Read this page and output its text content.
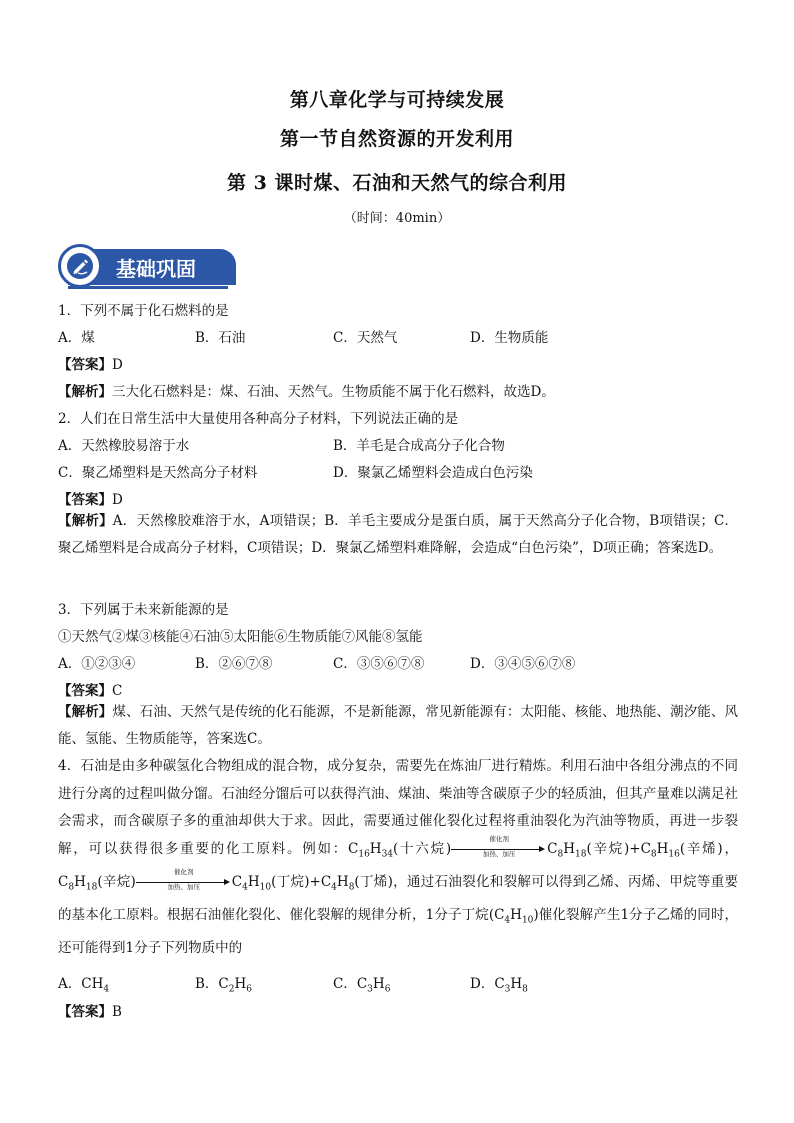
第八章化学与可持续发展
第一节自然资源的开发利用
第 3 课时煤、石油和天然气的综合利用
（时间：40min）
基础巩固
1．下列不属于化石燃料的是
A．煤	B．石油	C．天然气	D．生物质能
【答案】D
【解析】三大化石燃料是：煤、石油、天然气。生物质能不属于化石燃料，故选D。
2．人们在日常生活中大量使用各种高分子材料，下列说法正确的是
A．天然橡胶易溶于水	B．羊毛是合成高分子化合物
C．聚乙烯塑料是天然高分子材料	D．聚氯乙烯塑料会造成白色污染
【答案】D
【解析】A．天然橡胶难溶于水，A项错误；B．羊毛主要成分是蛋白质，属于天然高分子化合物，B项错误；C．聚乙烯塑料是合成高分子材料，C项错误；D．聚氯乙烯塑料难降解，会造成“白色污染”，D项正确；答案选D。
3．下列属于未来新能源的是
①天然气②煤③核能④石油⑤太阳能⑥生物质能⑦风能⑧氢能
A．①②③④	B．②⑥⑦⑧	C．③⑤⑥⑦⑧	D．③④⑤⑥⑦⑧
【答案】C
【解析】煤、石油、天然气是传统的化石能源，不是新能源，常见新能源有：太阳能、核能、地热能、潮汐能、风能、氢能、生物质能等，答案选C。
4．石油是由多种碳氢化合物组成的混合物，成分复杂，需要先在炼油厂进行精炼。利用石油中各组分沸点的不同进行分离的过程叫做分馏。石油经分馏后可以获得汽油、煤油、柴油等含碳原子少的轻质油，但其产量难以满足社会需求，而含碳原子多的重油却供大于求。因此，需要通过催化裂化过程将重油裂化为汽油等物质，再进一步裂解，可以获得很多重要的化工原料。例如：$C_{16}H_{34}$(十六烷)
催化剂
加热、加压	$C_8H_{18}$(辛烷)$+C_8H_{16}$(辛烯)，$C_8H_{18}$(辛烷)
催化剂
加热、加压	$C_4H_{10}$(丁烷)$+C_4H_8$(丁烯)，通过石油裂化和裂解可以得到乙烯、丙烯、甲烷等重要的基本化工原料。根据石油催化裂化、催化裂解的规律分析，1分子丁烷$(C_4H_{10})$催化裂解产生1分子乙烯的同时，还可能得到1分子下列物质中的
A．$CH_4$	B．$C_2H_6$	C．$C_3H_6$	D．$C_3H_8$
【答案】B
